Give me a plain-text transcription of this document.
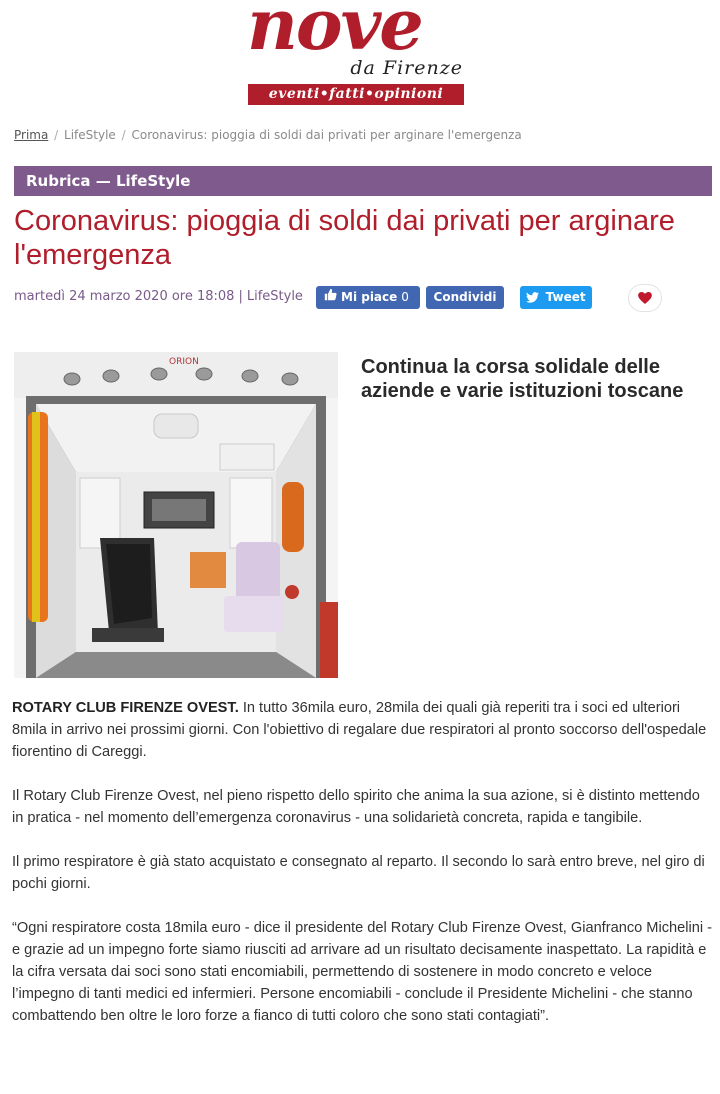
nove
da Firenze
eventi•fatti•opinioni
Prima / LifeStyle / Coronavirus: pioggia di soldi dai privati per arginare l'emergenza
Rubrica — LifeStyle
Coronavirus: pioggia di soldi dai privati per arginare l'emergenza
martedì 24 marzo 2020 ore 18:08 | LifeStyle	Mi piace 0	Condividi	Tweet
ORION	Continua la corsa solidale delle aziende e varie istituzioni toscane

ROTARY CLUB FIRENZE OVEST. In tutto 36mila euro, 28mila dei quali già reperiti tra i soci ed ulteriori 8mila in arrivo nei prossimi giorni. Con l'obiettivo di regalare due respiratori al pronto soccorso dell'ospedale fiorentino di Careggi.

Il Rotary Club Firenze Ovest, nel pieno rispetto dello spirito che anima la sua azione, si è distinto mettendo in pratica - nel momento dell’emergenza coronavirus - una solidarietà concreta, rapida e tangibile.

Il primo respiratore è già stato acquistato e consegnato al reparto. Il secondo lo sarà entro breve, nel giro di pochi giorni.

“Ogni respiratore costa 18mila euro - dice il presidente del Rotary Club Firenze Ovest, Gianfranco Michelini - e grazie ad un impegno forte siamo riusciti ad arrivare ad un risultato decisamente inaspettato. La rapidità e la cifra versata dai soci sono stati encomiabili, permettendo di sostenere in modo concreto e veloce l’impegno di tanti medici ed infermieri. Persone encomiabili - conclude il Presidente Michelini - che stanno combattendo ben oltre le loro forze a fianco di tutti coloro che sono stati contagiati”.
